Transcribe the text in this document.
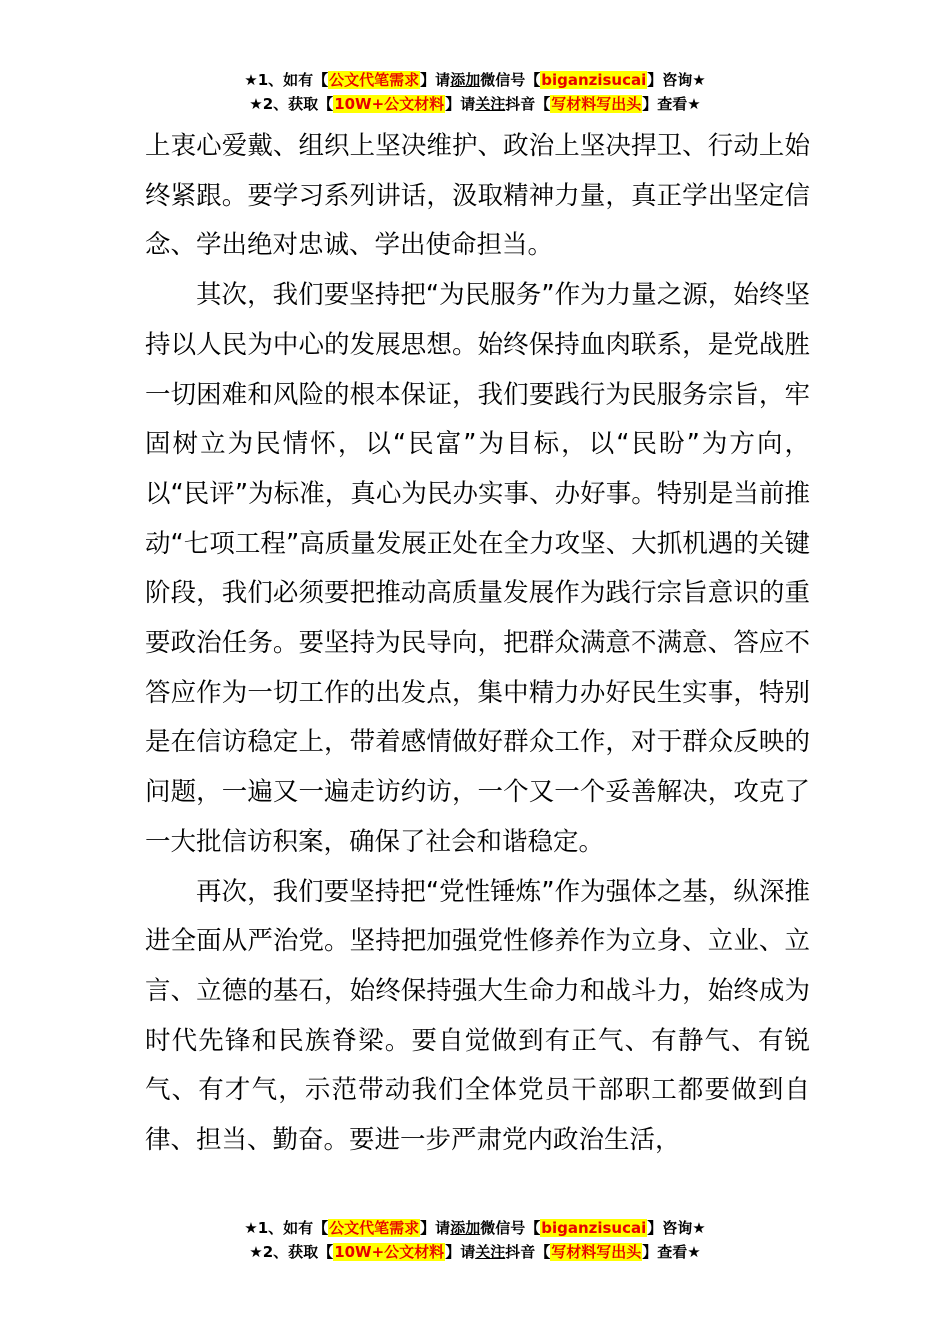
★1、如有【公文代笔需求】请添加微信号【biganzisucai】咨询★
★2、获取【10W+公文材料】请关注抖音【写材料写出头】查看★

上衷心爱戴、组织上坚决维护、政治上坚决捍卫、行动上始终紧跟。要学习系列讲话，汲取精神力量，真正学出坚定信念、学出绝对忠诚、学出使命担当。

其次，我们要坚持把“为民服务”作为力量之源，始终坚持以人民为中心的发展思想。始终保持血肉联系，是党战胜一切困难和风险的根本保证，我们要践行为民服务宗旨，牢固树立为民情怀，以“民富”为目标，以“民盼”为方向，以“民评”为标准，真心为民办实事、办好事。特别是当前推动“七项工程”高质量发展正处在全力攻坚、大抓机遇的关键阶段，我们必须要把推动高质量发展作为践行宗旨意识的重要政治任务。要坚持为民导向，把群众满意不满意、答应不答应作为一切工作的出发点，集中精力办好民生实事，特别是在信访稳定上，带着感情做好群众工作，对于群众反映的问题，一遍又一遍走访约访，一个又一个妥善解决，攻克了一大批信访积案，确保了社会和谐稳定。

再次，我们要坚持把“党性锤炼”作为强体之基，纵深推进全面从严治党。坚持把加强党性修养作为立身、立业、立言、立德的基石，始终保持强大生命力和战斗力，始终成为时代先锋和民族脊梁。要自觉做到有正气、有静气、有锐气、有才气，示范带动我们全体党员干部职工都要做到自律、担当、勤奋。要进一步严肃党内政治生活，

★1、如有【公文代笔需求】请添加微信号【biganzisucai】咨询★
★2、获取【10W+公文材料】请关注抖音【写材料写出头】查看★
